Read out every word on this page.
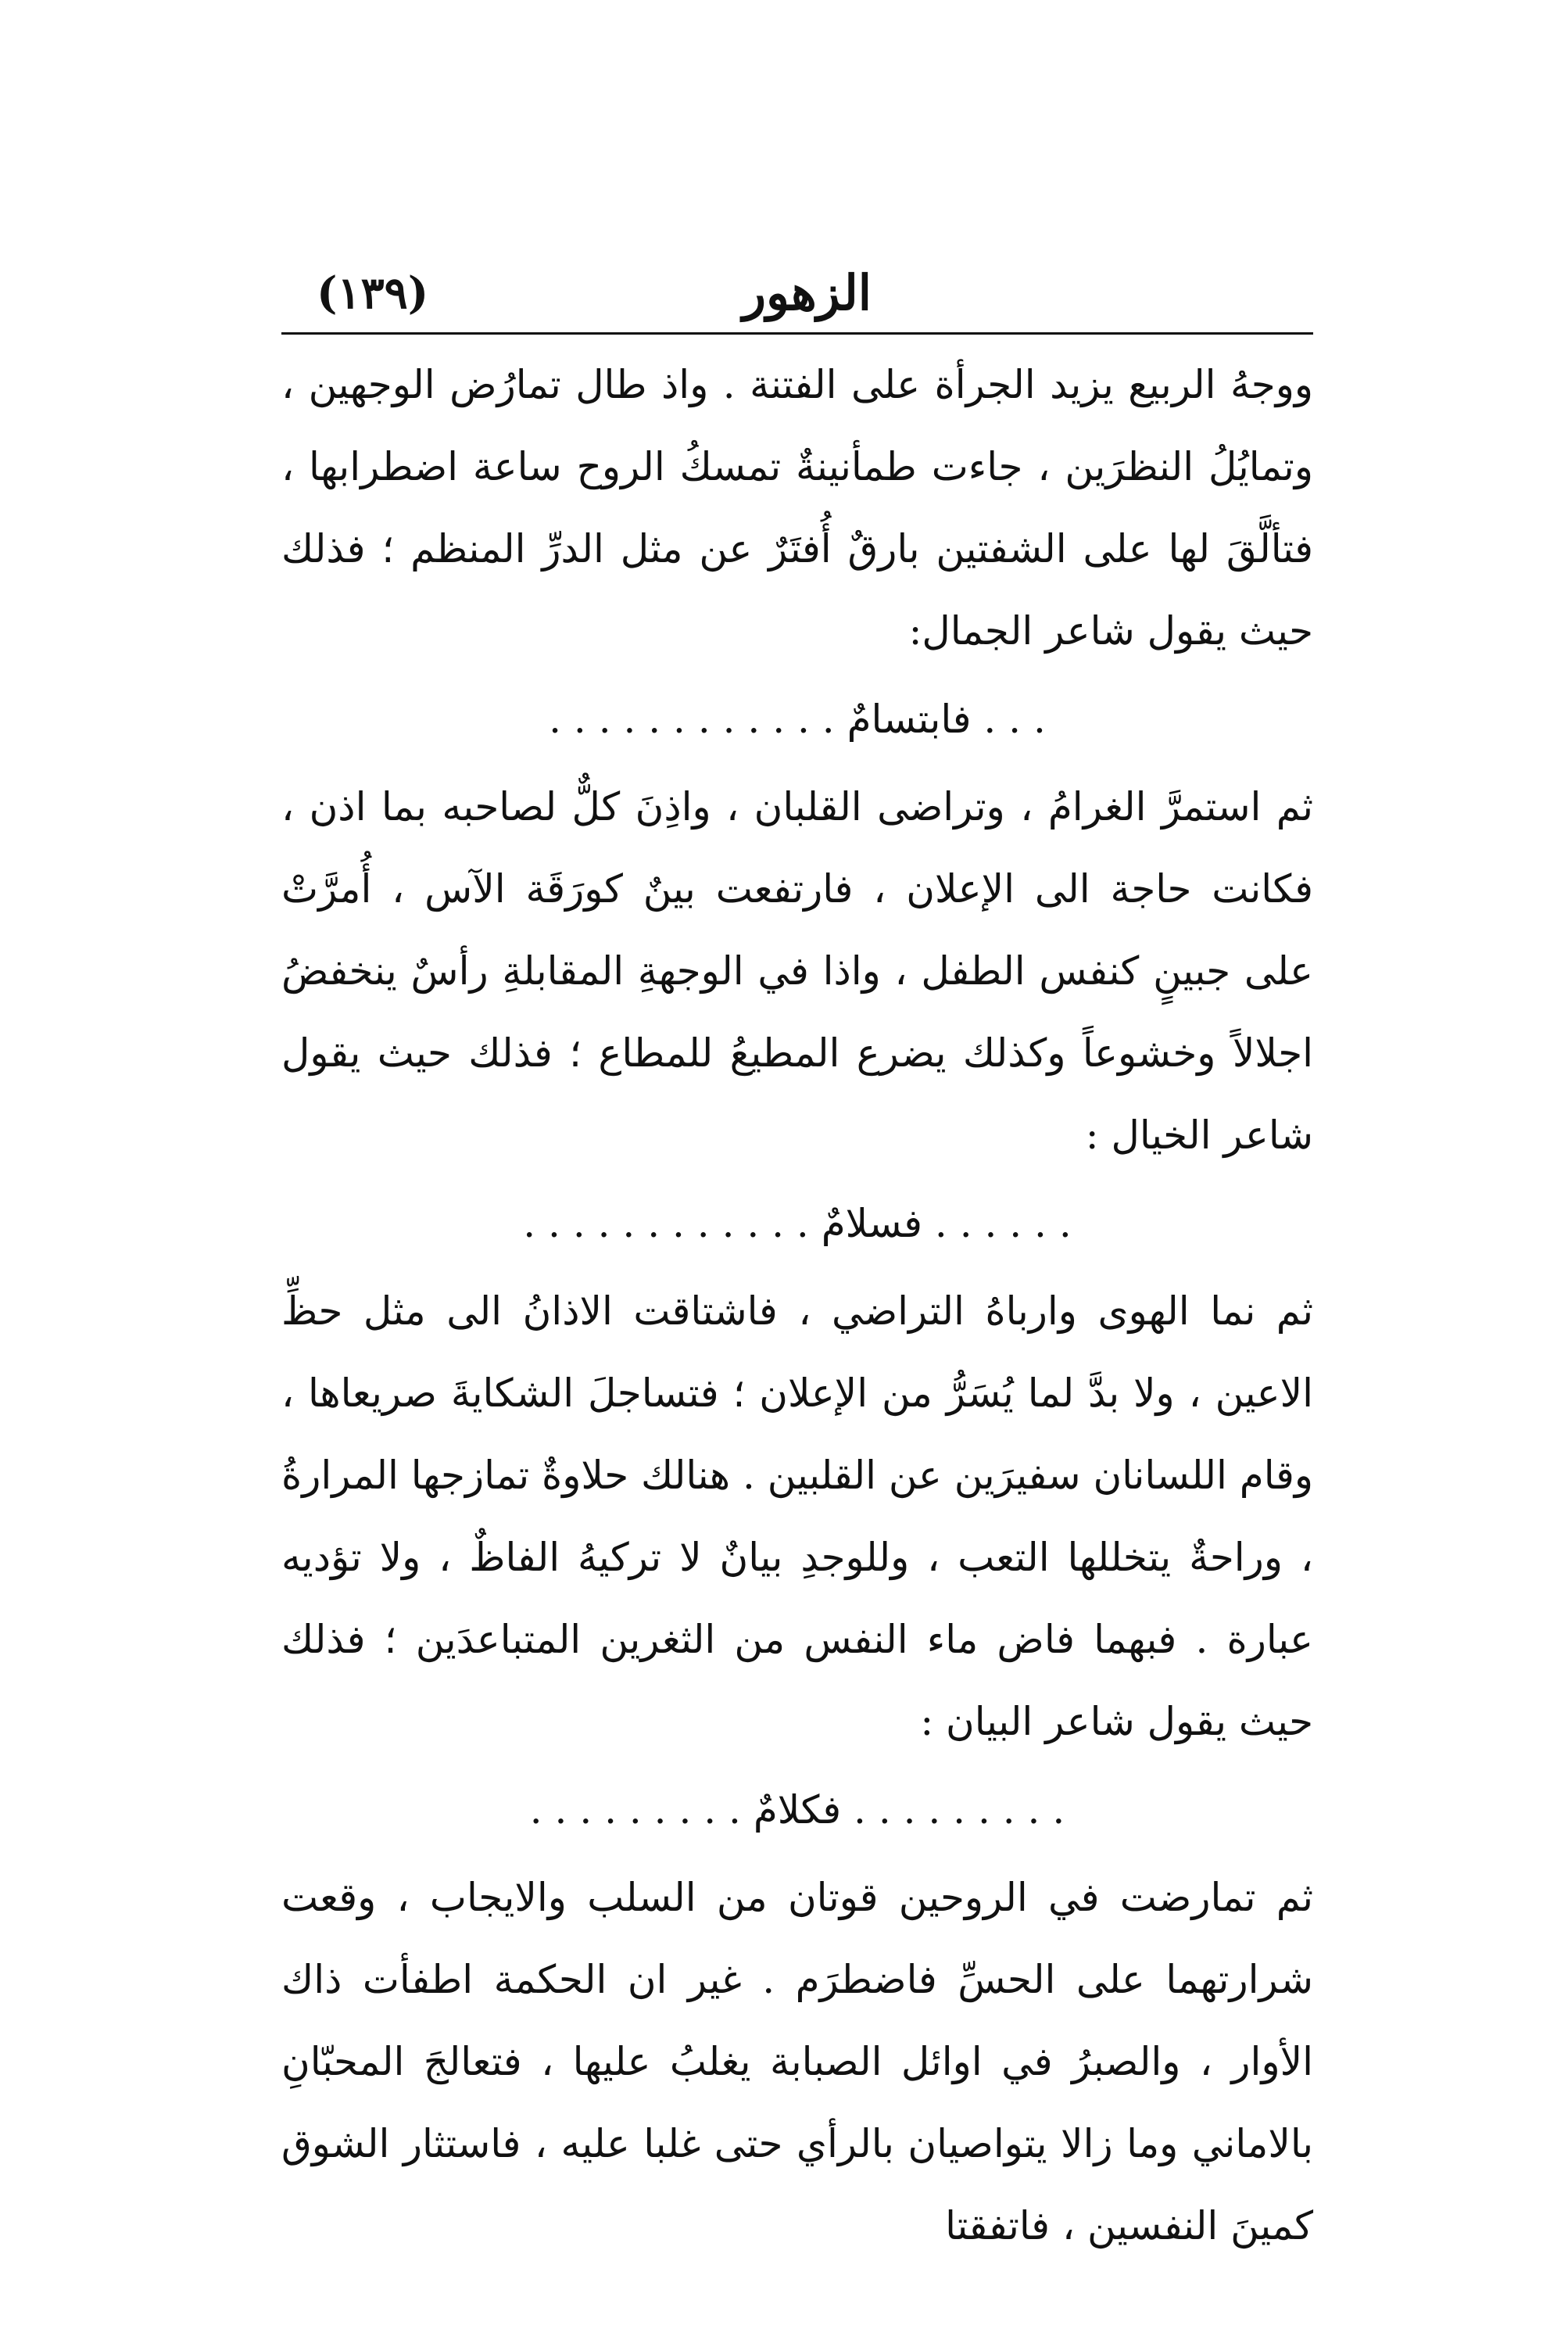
الزهور
(١٣٩)

ووجهُ الربيع يزيد الجرأة على الفتنة . واذ طال تمارُض الوجهين ، وتمايُلُ النظرَين ، جاءت طمأنينةٌ تمسكُ الروح ساعة اضطرابها ، فتألَّقَ لها على الشفتين بارقٌ أُفتَرٌ عن مثل الدرِّ المنظم ؛ فذلك حيث يقول شاعر الجمال:

. . . فابتسامٌ . . . . . . . . . . . .

ثم استمرَّ الغرامُ ، وتراضى القلبان ، واذِنَ كلٌّ لصاحبه بما اذن ، فكانت حاجة الى الإعلان ، فارتفعت بينٌ كورَقَة الآس ، أُمرَّتْ على جبينٍ كنفس الطفل ، واذا في الوجهةِ المقابلةِ رأسٌ ينخفضُ اجلالاً وخشوعاً وكذلك يضرع المطيعُ للمطاع ؛ فذلك حيث يقول شاعر الخيال :

. . . . . . فسلامٌ . . . . . . . . . . . .

ثم نما الهوى وارباهُ التراضي ، فاشتاقت الاذانُ الى مثل حظِّ الاعين ، ولا بدَّ لما يُسَرُّ من الإعلان ؛ فتساجلَ الشكايةَ صريعاها ، وقام اللسانان سفيرَين عن القلبين . هنالك حلاوةٌ تمازجها المرارةُ ، وراحةٌ يتخللها التعب ، وللوجدِ بيانٌ لا تركيهُ الفاظٌ ، ولا تؤديه عبارة . فبهما فاض ماء النفس من الثغرين المتباعدَين ؛ فذلك حيث يقول شاعر البيان :

. . . . . . . . . فكلامٌ . . . . . . . . .

ثم تمارضت في الروحين قوتان من السلب والايجاب ، وقعت شرارتهما على الحسِّ فاضطرَم . غير ان الحكمة اطفأت ذاك الأوار ، والصبرُ في اوائل الصبابة يغلبُ عليها ، فتعالجَ المحبّانِ بالاماني وما زالا يتواصيان بالرأي حتى غلبا عليه ، فاستثار الشوق كمينَ النفسين ، فاتفقتا
